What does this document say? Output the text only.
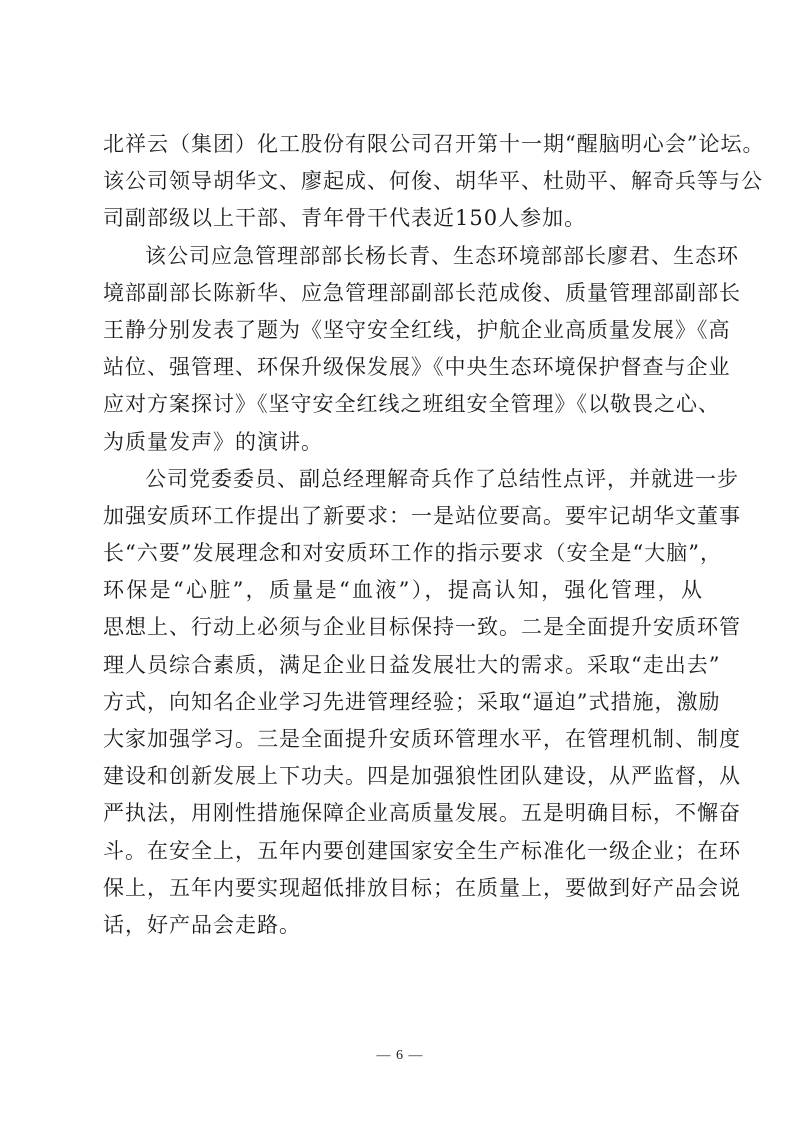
北祥云（集团）化工股份有限公司召开第十一期“醒脑明心会”论坛。
该公司领导胡华文、廖起成、何俊、胡华平、杜勋平、解奇兵等与公
司副部级以上干部、青年骨干代表近150人参加。
该公司应急管理部部长杨长青、生态环境部部长廖君、生态环
境部副部长陈新华、应急管理部副部长范成俊、质量管理部副部长
王静分别发表了题为《坚守安全红线，护航企业高质量发展》《高
站位、强管理、环保升级保发展》《中央生态环境保护督查与企业
应对方案探讨》《坚守安全红线之班组安全管理》《以敬畏之心、
为质量发声》的演讲。
公司党委委员、副总经理解奇兵作了总结性点评，并就进一步
加强安质环工作提出了新要求：一是站位要高。要牢记胡华文董事
长“六要”发展理念和对安质环工作的指示要求（安全是“大脑”，
环保是“心脏”，质量是“血液”），提高认知，强化管理，从
思想上、行动上必须与企业目标保持一致。二是全面提升安质环管
理人员综合素质，满足企业日益发展壮大的需求。采取“走出去”
方式，向知名企业学习先进管理经验；采取“逼迫”式措施，激励
大家加强学习。三是全面提升安质环管理水平，在管理机制、制度
建设和创新发展上下功夫。四是加强狼性团队建设，从严监督，从
严执法，用刚性措施保障企业高质量发展。五是明确目标，不懈奋
斗。在安全上，五年内要创建国家安全生产标准化一级企业；在环
保上，五年内要实现超低排放目标；在质量上，要做到好产品会说
话，好产品会走路。
— 6 —
